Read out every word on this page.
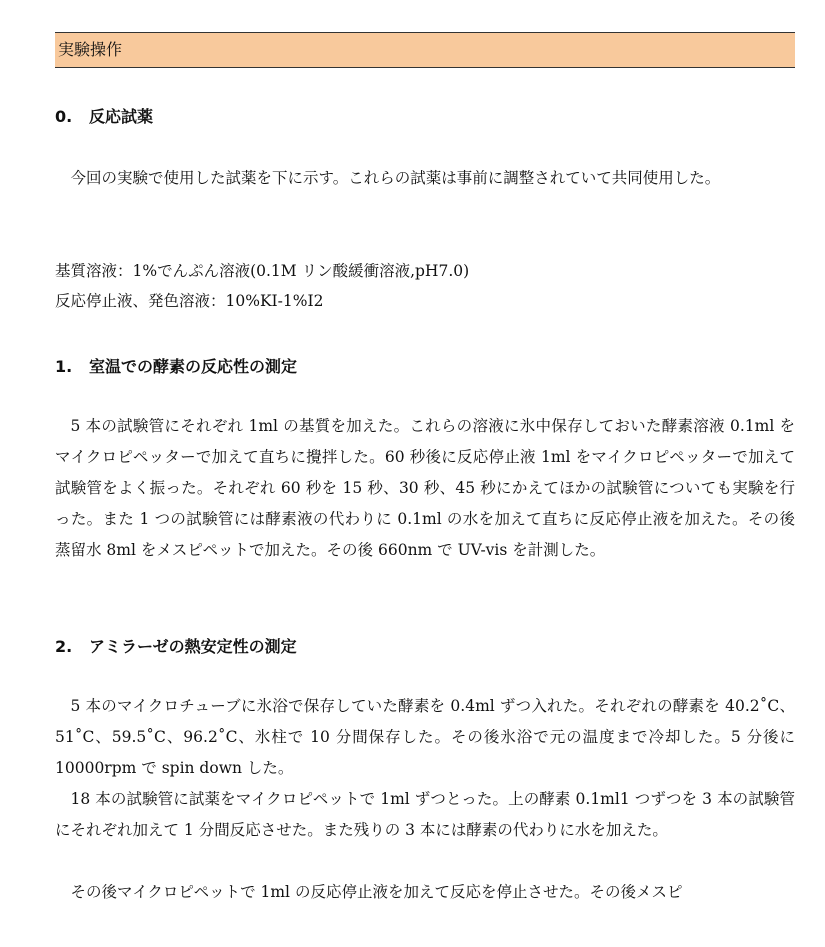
実験操作
0. 反応試薬

今回の実験で使用した試薬を下に示す。これらの試薬は事前に調整されていて共同使用した。

基質溶液：1%でんぷん溶液(0.1M リン酸緩衝溶液,pH7.0)

反応停止液、発色溶液：10%KI-1%I2

1. 室温での酵素の反応性の測定

5 本の試験管にそれぞれ 1ml の基質を加えた。これらの溶液に氷中保存しておいた酵素溶液 0.1ml をマイクロピペッターで加えて直ちに攪拌した。60 秒後に反応停止液 1ml をマイクロピペッターで加えて試験管をよく振った。それぞれ 60 秒を 15 秒、30 秒、45 秒にかえてほかの試験管についても実験を行った。また 1 つの試験管には酵素液の代わりに 0.1ml の水を加えて直ちに反応停止液を加えた。その後蒸留水 8ml をメスピペットで加えた。その後 660nm で UV-vis を計測した。

2. アミラーゼの熱安定性の測定

5 本のマイクロチューブに氷浴で保存していた酵素を 0.4ml ずつ入れた。それぞれの酵素を 40.2˚C、51˚C、59.5˚C、96.2˚C、氷柱で 10 分間保存した。その後氷浴で元の温度まで冷却した。5 分後に 10000rpm で spin down した。

18 本の試験管に試薬をマイクロピペットで 1ml ずつとった。上の酵素 0.1ml1 つずつを 3 本の試験管にそれぞれ加えて 1 分間反応させた。また残りの 3 本には酵素の代わりに水を加えた。

その後マイクロピペットで 1ml の反応停止液を加えて反応を停止させた。その後メスピ
